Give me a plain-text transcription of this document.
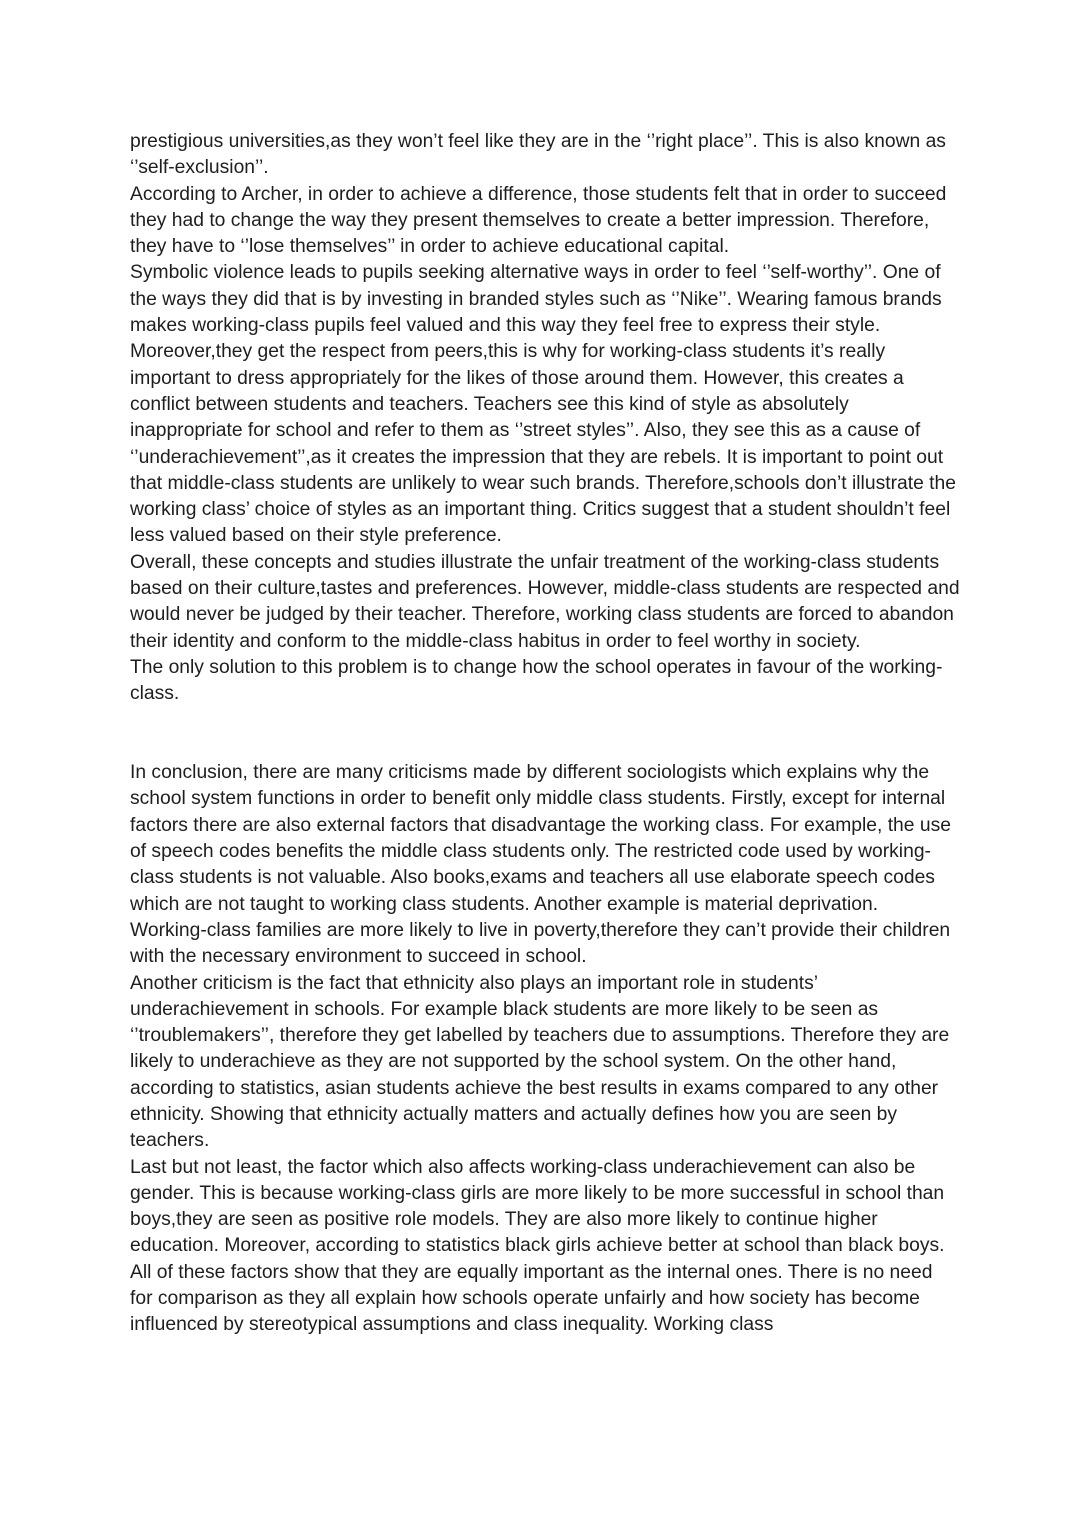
prestigious universities,as they won’t feel like they are in the ‘’right place’’. This is also known as ‘’self-exclusion’’.

According to Archer, in order to achieve a difference, those students felt that in order to succeed they had to change the way they present themselves to create a better impression. Therefore, they have to ‘’lose themselves’’ in order to achieve educational capital.

Symbolic violence leads to pupils seeking alternative ways in order to feel ‘’self-worthy’’. One of the ways they did that is by investing in branded styles such as ‘’Nike’’. Wearing famous brands makes working-class pupils feel valued and this way they feel free to express their style. Moreover,they get the respect from peers,this is why for working-class students it’s really important to dress appropriately for the likes of those around them. However, this creates a conflict between students and teachers. Teachers see this kind of style as absolutely inappropriate for school and refer to them as ‘’street styles’’. Also, they see this as a cause of ‘’underachievement’’,as it creates the impression that they are rebels. It is important to point out that middle-class students are unlikely to wear such brands. Therefore,schools don’t illustrate the working class’ choice of styles as an important thing. Critics suggest that a student shouldn’t feel less valued based on their style preference.

Overall, these concepts and studies illustrate the unfair treatment of the working-class students based on their culture,tastes and preferences. However, middle-class students are respected and would never be judged by their teacher. Therefore, working class students are forced to abandon their identity and conform to the middle-class habitus in order to feel worthy in society.

The only solution to this problem is to change how the school operates in favour of the working-class.

In conclusion, there are many criticisms made by different sociologists which explains why the school system functions in order to benefit only middle class students. Firstly, except for internal factors there are also external factors that disadvantage the working class. For example, the use of speech codes benefits the middle class students only. The restricted code used by working-class students is not valuable. Also books,exams and teachers all use elaborate speech codes which are not taught to working class students. Another example is material deprivation. Working-class families are more likely to live in poverty,therefore they can’t provide their children with the necessary environment to succeed in school.

Another criticism is the fact that ethnicity also plays an important role in students’ underachievement in schools. For example black students are more likely to be seen as ‘’troublemakers’’, therefore they get labelled by teachers due to assumptions. Therefore they are likely to underachieve as they are not supported by the school system. On the other hand, according to statistics, asian students achieve the best results in exams compared to any other ethnicity. Showing that ethnicity actually matters and actually defines how you are seen by teachers.

Last but not least, the factor which also affects working-class underachievement can also be gender. This is because working-class girls are more likely to be more successful in school than boys,they are seen as positive role models. They are also more likely to continue higher education. Moreover, according to statistics black girls achieve better at school than black boys.

All of these factors show that they are equally important as the internal ones. There is no need for comparison as they all explain how schools operate unfairly and how society has become influenced by stereotypical assumptions and class inequality. Working class
